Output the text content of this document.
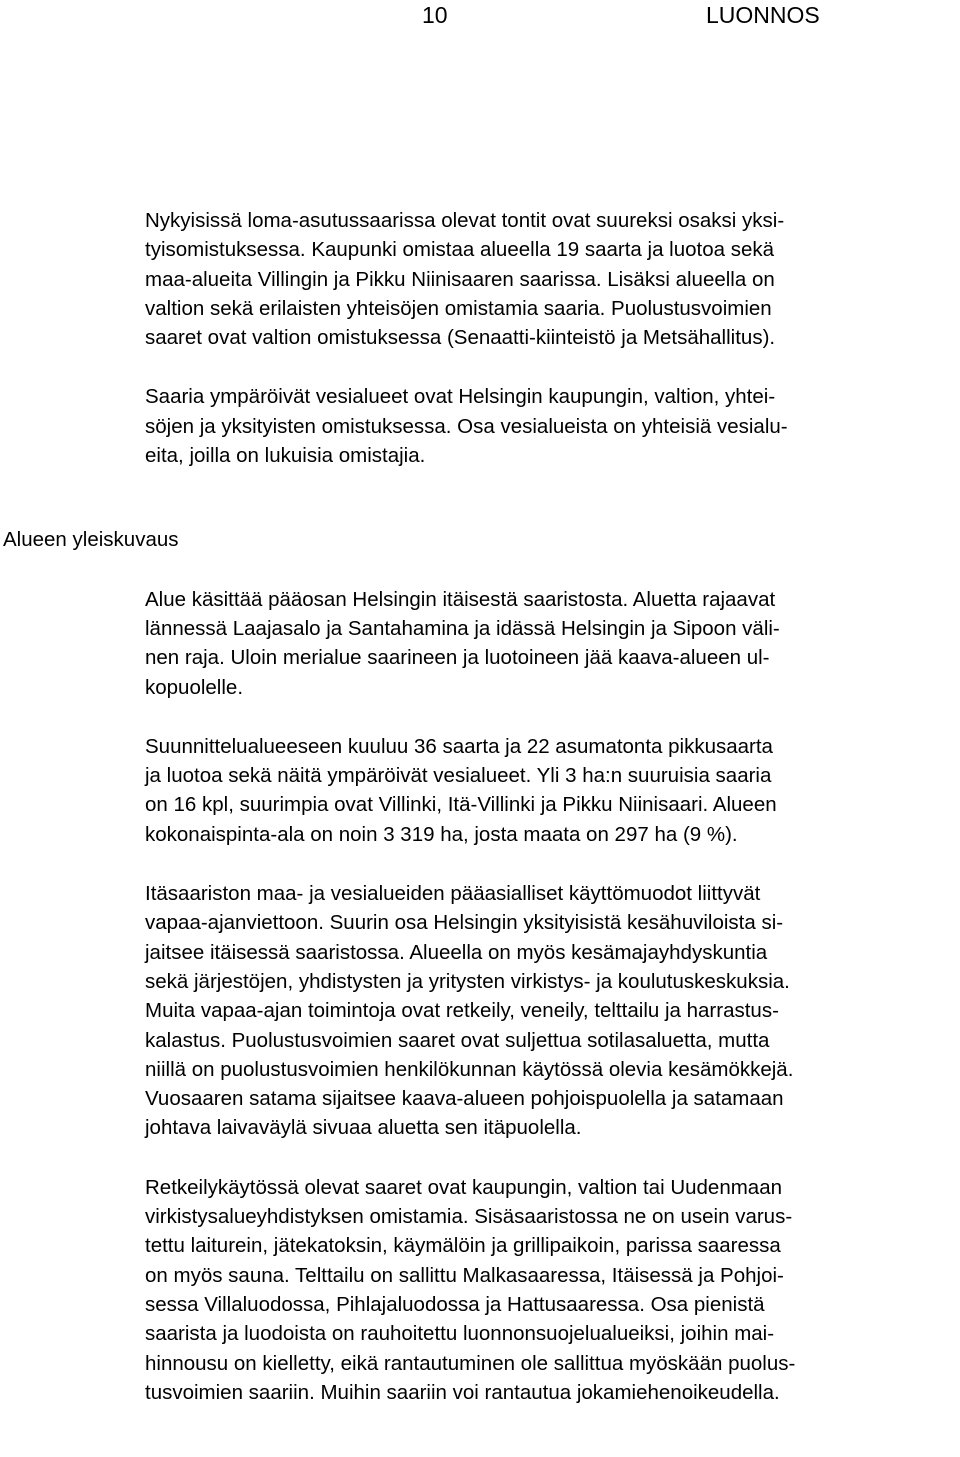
10	LUONNOS

Nykyisissä loma-asutussaarissa olevat tontit ovat suureksi osaksi yksi-
tyisomistuksessa. Kaupunki omistaa alueella 19 saarta ja luotoa sekä
maa-alueita Villingin ja Pikku Niinisaaren saarissa. Lisäksi alueella on
valtion sekä erilaisten yhteisöjen omistamia saaria. Puolustusvoimien
saaret ovat valtion omistuksessa (Senaatti-kiinteistö ja Metsähallitus).

Saaria ympäröivät vesialueet ovat Helsingin kaupungin, valtion, yhtei-
söjen ja yksityisten omistuksessa. Osa vesialueista on yhteisiä vesialu-
eita, joilla on lukuisia omistajia.

Alueen yleiskuvaus

Alue käsittää pääosan Helsingin itäisestä saaristosta. Aluetta rajaavat
lännessä Laajasalo ja Santahamina ja idässä Helsingin ja Sipoon väli-
nen raja. Uloin merialue saarineen ja luotoineen jää kaava-alueen ul-
kopuolelle.

Suunnittelualueeseen kuuluu 36 saarta ja 22 asumatonta pikkusaarta
ja luotoa sekä näitä ympäröivät vesialueet. Yli 3 ha:n suuruisia saaria
on 16 kpl, suurimpia ovat Villinki, Itä-Villinki ja Pikku Niinisaari. Alueen
kokonaispinta-ala on noin 3 319 ha, josta maata on 297 ha (9 %).

Itäsaariston maa- ja vesialueiden pääasialliset käyttömuodot liittyvät
vapaa-ajanviettoon. Suurin osa Helsingin yksityisistä kesähuviloista si-
jaitsee itäisessä saaristossa. Alueella on myös kesämajayhdyskuntia
sekä järjestöjen, yhdistysten ja yritysten virkistys- ja koulutuskeskuksia.
Muita vapaa-ajan toimintoja ovat retkeily, veneily, telttailu ja harrastus-
kalastus. Puolustusvoimien saaret ovat suljettua sotilasaluetta, mutta
niillä on puolustusvoimien henkilökunnan käytössä olevia kesämökkejä.
Vuosaaren satama sijaitsee kaava-alueen pohjoispuolella ja satamaan
johtava laivaväylä sivuaa aluetta sen itäpuolella.

Retkeilykäytössä olevat saaret ovat kaupungin, valtion tai Uudenmaan
virkistysalueyhdistyksen omistamia. Sisäsaaristossa ne on usein varus-
tettu laiturein, jätekatoksin, käymälöin ja grillipaikoin, parissa saaressa
on myös sauna. Telttailu on sallittu Malkasaaressa, Itäisessä ja Pohjoi-
sessa Villaluodossa, Pihlajaluodossa ja Hattusaaressa. Osa pienistä
saarista ja luodoista on rauhoitettu luonnonsuojelualueiksi, joihin mai-
hinnousu on kielletty, eikä rantautuminen ole sallittua myöskään puolus-
tusvoimien saariin. Muihin saariin voi rantautua jokamiehenoikeudella.
